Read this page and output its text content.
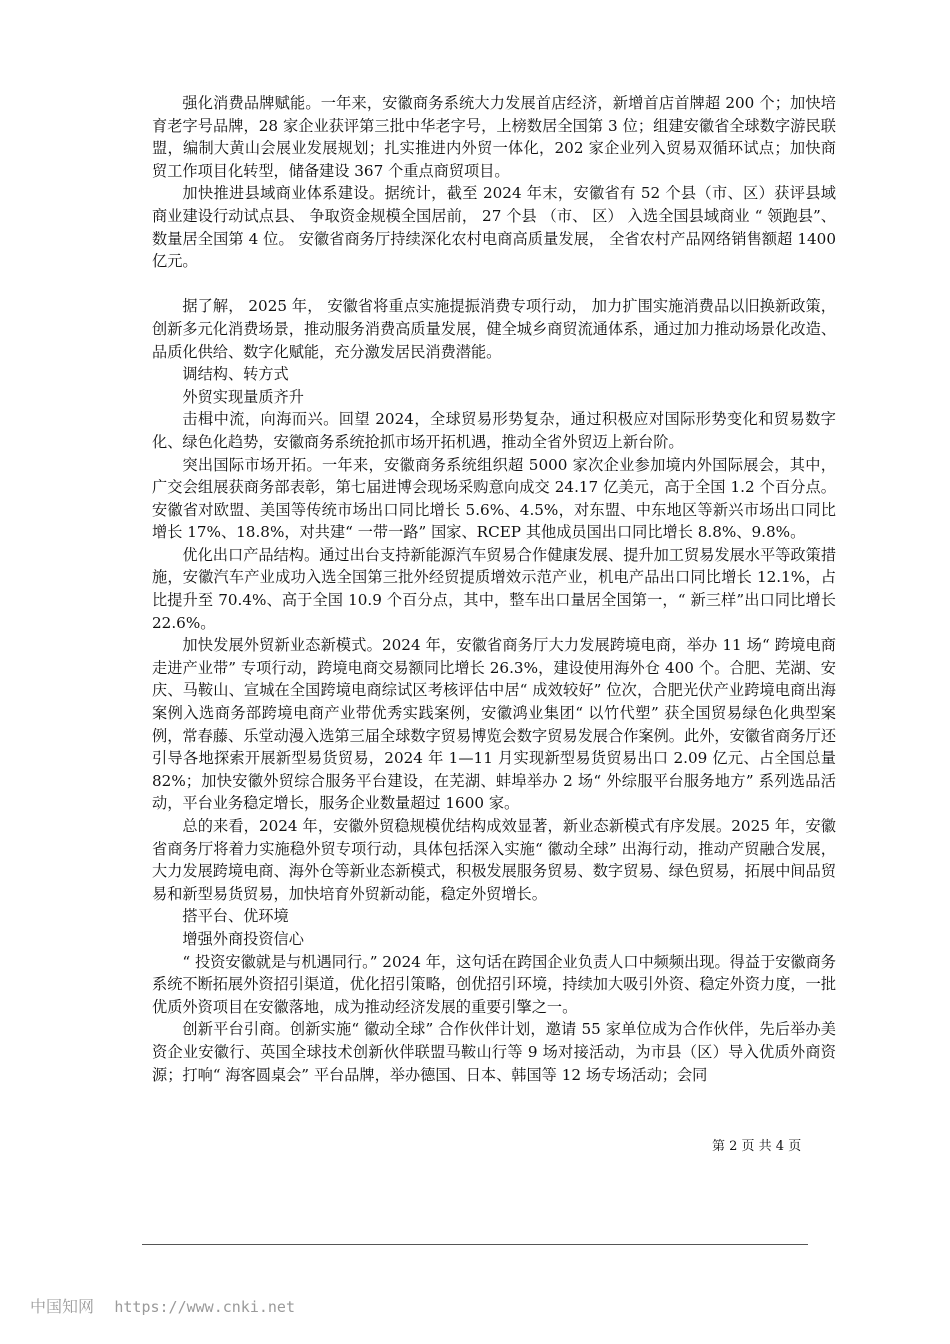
强化消费品牌赋能。一年来，安徽商务系统大力发展首店经济，新增首店首牌超 200 个；加快培育老字号品牌，28 家企业获评第三批中华老字号，上榜数居全国第 3 位；组建安徽省全球数字游民联盟，编制大黄山会展业发展规划；扎实推进内外贸一体化，202 家企业列入贸易双循环试点；加快商贸工作项目化转型，储备建设 367 个重点商贸项目。

加快推进县域商业体系建设。据统计，截至 2024 年末，安徽省有 52 个县（市、区）获评县域商业建设行动试点县、 争取资金规模全国居前， 27 个县 （市、 区） 入选全国县域商业 “ 领跑县”、数量居全国第 4 位。 安徽省商务厅持续深化农村电商高质量发展， 全省农村产品网络销售额超 1400 亿元。

据了解， 2025 年， 安徽省将重点实施提振消费专项行动， 加力扩围实施消费品以旧换新政策，创新多元化消费场景，推动服务消费高质量发展，健全城乡商贸流通体系，通过加力推动场景化改造、品质化供给、数字化赋能，充分激发居民消费潜能。

调结构、转方式

外贸实现量质齐升

击楫中流，向海而兴。回望 2024，全球贸易形势复杂，通过积极应对国际形势变化和贸易数字化、绿色化趋势，安徽商务系统抢抓市场开拓机遇，推动全省外贸迈上新台阶。

突出国际市场开拓。一年来，安徽商务系统组织超 5000 家次企业参加境内外国际展会，其中，广交会组展获商务部表彰，第七届进博会现场采购意向成交 24.17 亿美元，高于全国 1.2 个百分点。安徽省对欧盟、美国等传统市场出口同比增长 5.6%、4.5%，对东盟、中东地区等新兴市场出口同比增长 17%、18.8%，对共建“ 一带一路” 国家、RCEP 其他成员国出口同比增长 8.8%、9.8%。

优化出口产品结构。通过出台支持新能源汽车贸易合作健康发展、提升加工贸易发展水平等政策措施，安徽汽车产业成功入选全国第三批外经贸提质增效示范产业，机电产品出口同比增长 12.1%，占比提升至 70.4%、高于全国 10.9 个百分点，其中，整车出口量居全国第一，“ 新三样”出口同比增长 22.6%。

加快发展外贸新业态新模式。2024 年，安徽省商务厅大力发展跨境电商，举办 11 场“ 跨境电商走进产业带” 专项行动，跨境电商交易额同比增长 26.3%，建设使用海外仓 400 个。合肥、芜湖、安庆、马鞍山、宣城在全国跨境电商综试区考核评估中居“ 成效较好” 位次，合肥光伏产业跨境电商出海案例入选商务部跨境电商产业带优秀实践案例，安徽鸿业集团“ 以竹代塑” 获全国贸易绿色化典型案例，常春藤、乐堂动漫入选第三届全球数字贸易博览会数字贸易发展合作案例。此外，安徽省商务厅还引导各地探索开展新型易货贸易，2024 年 1—11 月实现新型易货贸易出口 2.09 亿元、占全国总量 82%；加快安徽外贸综合服务平台建设，在芜湖、蚌埠举办 2 场“ 外综服平台服务地方” 系列选品活动，平台业务稳定增长，服务企业数量超过 1600 家。

总的来看，2024 年，安徽外贸稳规模优结构成效显著，新业态新模式有序发展。2025 年，安徽省商务厅将着力实施稳外贸专项行动，具体包括深入实施“ 徽动全球” 出海行动，推动产贸融合发展，大力发展跨境电商、海外仓等新业态新模式，积极发展服务贸易、数字贸易、绿色贸易，拓展中间品贸易和新型易货贸易，加快培育外贸新动能，稳定外贸增长。

搭平台、优环境

增强外商投资信心

“ 投资安徽就是与机遇同行。” 2024 年，这句话在跨国企业负责人口中频频出现。得益于安徽商务系统不断拓展外资招引渠道，优化招引策略，创优招引环境，持续加大吸引外资、稳定外资力度，一批优质外资项目在安徽落地，成为推动经济发展的重要引擎之一。

创新平台引商。创新实施“ 徽动全球” 合作伙伴计划，邀请 55 家单位成为合作伙伴，先后举办美资企业安徽行、英国全球技术创新伙伴联盟马鞍山行等 9 场对接活动，为市县（区）导入优质外商资源；打响“ 海客圆桌会” 平台品牌，举办德国、日本、韩国等 12 场专场活动；会同

第 2 页 共 4 页
中国知网 https://www.cnki.net
